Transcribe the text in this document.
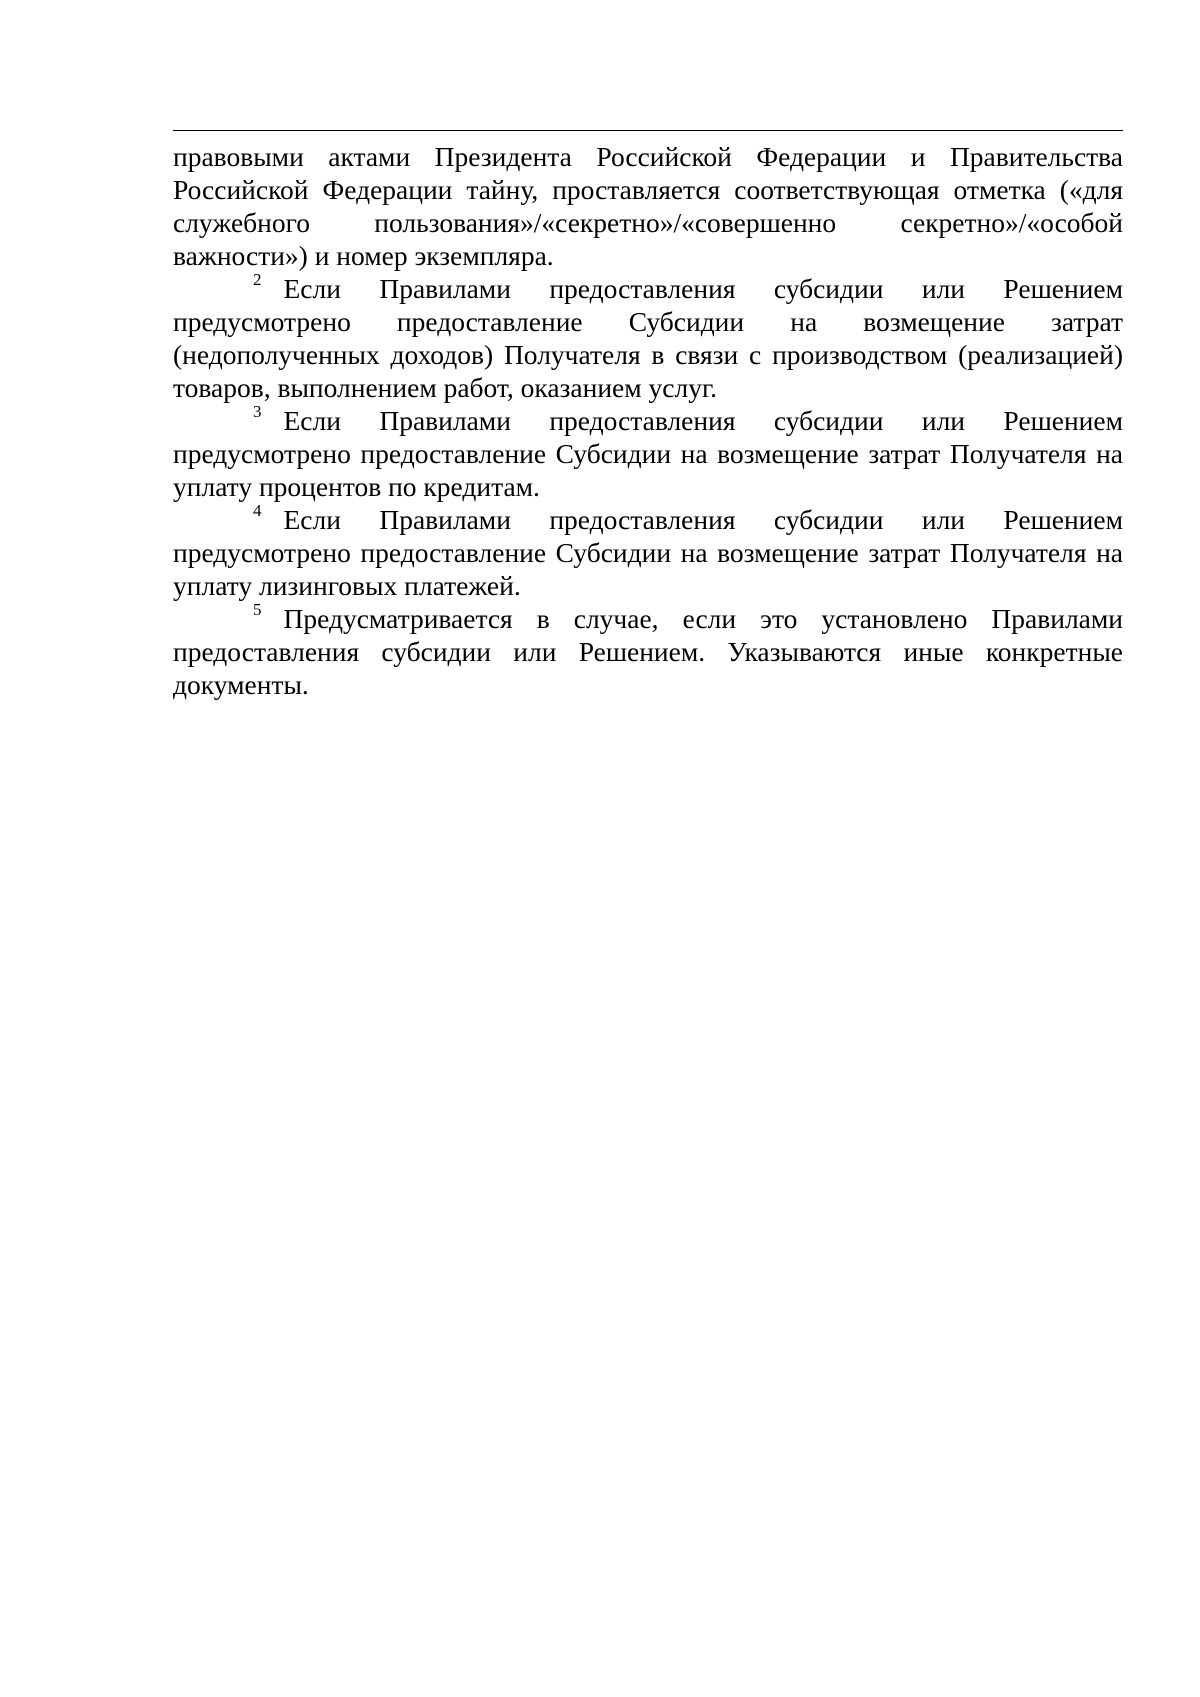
правовыми актами Президента Российской Федерации и Правительства Российской Федерации тайну, проставляется соответствующая отметка («для служебного пользования»/«секретно»/«совершенно секретно»/«особой важности») и номер экземпляра.

$^2$ Если Правилами предоставления субсидии или Решением предусмотрено предоставление Субсидии на возмещение затрат (недополученных доходов) Получателя в связи с производством (реализацией) товаров, выполнением работ, оказанием услуг.

$^3$ Если Правилами предоставления субсидии или Решением предусмотрено предоставление Субсидии на возмещение затрат Получателя на уплату процентов по кредитам.

$^4$ Если Правилами предоставления субсидии или Решением предусмотрено предоставление Субсидии на возмещение затрат Получателя на уплату лизинговых платежей.

$^5$ Предусматривается в случае, если это установлено Правилами предоставления субсидии или Решением. Указываются иные конкретные документы.
